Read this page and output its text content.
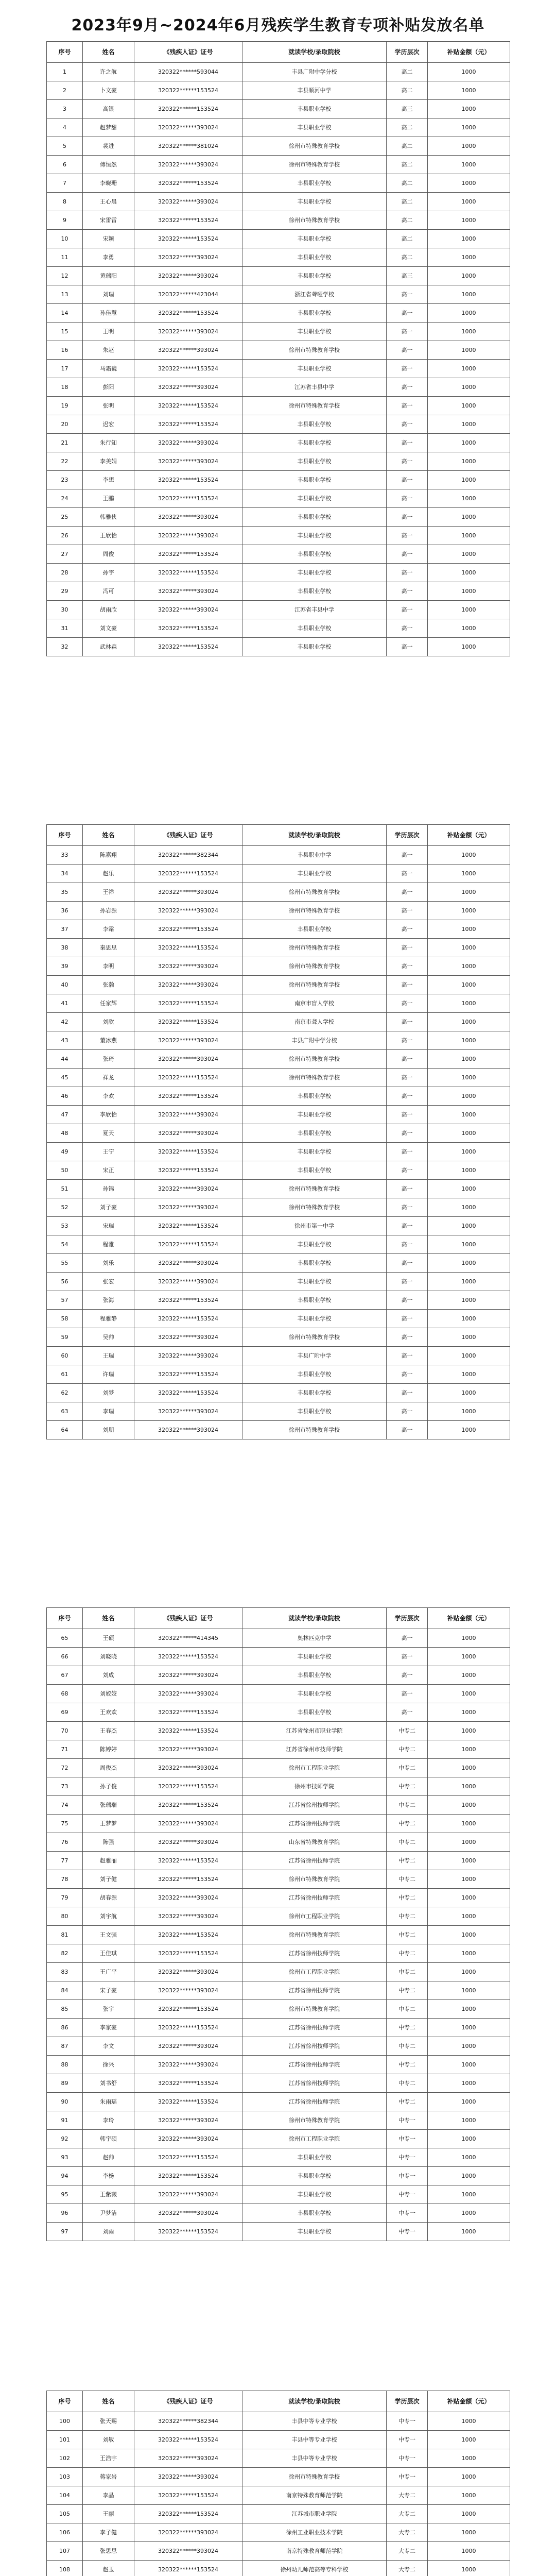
2023年9月~2024年6月残疾学生教育专项补贴发放名单
序号	姓名	《残疾人证》证号	就读学校/录取院校	学历层次	补贴金额（元）
1	许之航	320322******593044	丰县广附中学分校	高二	1000
2	卜文豪	320322******153524	丰县顺河中学	高二	1000
3	高银	320322******153524	丰县职业学校	高三	1000
4	赵梦甜	320322******393024	丰县职业学校	高二	1000
5	裴进	320322******381024	徐州市特殊教育学校	高二	1000
6	傅恒然	320322******393024	徐州市特殊教育学校	高二	1000
7	李晓珊	320322******153524	丰县职业学校	高二	1000
8	王心晨	320322******393024	丰县职业学校	高二	1000
9	宋雷雷	320322******153524	徐州市特殊教育学校	高二	1000
10	宋颖	320322******153524	丰县职业学校	高二	1000
11	李勇	320322******393024	丰县职业学校	高二	1000
12	黄瑞阳	320322******393024	丰县职业学校	高三	1000
13	刘瑞	320322******423044	浙江省聋哑学校	高一	1000
14	孙佳慧	320322******153524	丰县职业学校	高一	1000
15	王明	320322******393024	丰县职业学校	高一	1000
16	朱赵	320322******393024	徐州市特殊教育学校	高一	1000
17	马霜巍	320322******153524	丰县职业学校	高一	1000
18	彭阳	320322******393024	江苏省丰县中学	高一	1000
19	张明	320322******153524	徐州市特殊教育学校	高一	1000
20	迟宏	320322******153524	丰县职业学校	高一	1000
21	朱行知	320322******393024	丰县职业学校	高一	1000
22	李美娟	320322******393024	丰县职业学校	高一	1000
23	李想	320322******153524	丰县职业学校	高一	1000
24	王鹏	320322******153524	丰县职业学校	高一	1000
25	韩雅侠	320322******393024	丰县职业学校	高一	1000
26	王欣怡	320322******393024	丰县职业学校	高一	1000
27	周俊	320322******153524	丰县职业学校	高一	1000
28	孙宇	320322******153524	丰县职业学校	高一	1000
29	冯可	320322******393024	丰县职业学校	高一	1000
30	胡雨欣	320322******393024	江苏省丰县中学	高一	1000
31	刘文豪	320322******153524	丰县职业学校	高一	1000
32	武林森	320322******153524	丰县职业学校	高一	1000
序号	姓名	《残疾人证》证号	就读学校/录取院校	学历层次	补贴金额（元）
33	陈嘉翔	320322******382344	丰县职业中学	高一	1000
34	赵乐	320322******153524	丰县职业学校	高一	1000
35	王祥	320322******393024	徐州市特殊教育学校	高一	1000
36	孙岩源	320322******393024	徐州市特殊教育学校	高一	1000
37	李霜	320322******153524	丰县职业学校	高一	1000
38	秦思思	320322******153524	徐州市特殊教育学校	高一	1000
39	李明	320322******393024	徐州市特殊教育学校	高一	1000
40	张瀚	320322******393024	徐州市特殊教育学校	高一	1000
41	任家辉	320322******153524	南京市盲人学校	高一	1000
42	刘欣	320322******153524	南京市聋人学校	高一	1000
43	董冰燕	320322******393024	丰县广附中学分校	高一	1000
44	张琦	320322******393024	徐州市特殊教育学校	高一	1000
45	祥龙	320322******153524	徐州市特殊教育学校	高一	1000
46	李欢	320322******153524	丰县职业学校	高一	1000
47	李欣怡	320322******393024	丰县职业学校	高一	1000
48	夏天	320322******393024	丰县职业学校	高一	1000
49	王宁	320322******153524	丰县职业学校	高一	1000
50	宋正	320322******153524	丰县职业学校	高一	1000
51	孙锦	320322******393024	徐州市特殊教育学校	高一	1000
52	刘子豪	320322******393024	徐州市特殊教育学校	高一	1000
53	宋瑞	320322******153524	徐州市第一中学	高一	1000
54	程雅	320322******153524	丰县职业学校	高一	1000
55	刘乐	320322******393024	丰县职业学校	高一	1000
56	张宏	320322******393024	丰县职业学校	高一	1000
57	张海	320322******153524	丰县职业学校	高一	1000
58	程雅静	320322******153524	丰县职业学校	高一	1000
59	吴帅	320322******393024	徐州市特殊教育学校	高一	1000
60	王瑞	320322******393024	丰县广附中学	高一	1000
61	许瑞	320322******153524	丰县职业学校	高一	1000
62	刘梦	320322******153524	丰县职业学校	高一	1000
63	李瑞	320322******393024	丰县职业学校	高一	1000
64	刘朋	320322******393024	徐州市特殊教育学校	高一	1000
序号	姓名	《残疾人证》证号	就读学校/录取院校	学历层次	补贴金额（元）
65	王硕	320322******414345	奥林匹克中学	高一	1000
66	刘晓晓	320322******153524	丰县职业学校	高一	1000
67	刘成	320322******393024	丰县职业学校	高一	1000
68	刘姣姣	320322******393024	丰县职业学校	高一	1000
69	王欢欢	320322******153524	丰县职业学校	高一	1000
70	王春杰	320322******153524	江苏省徐州市职业学院	中专二	1000
71	陈婷婷	320322******393024	江苏省徐州市技师学院	中专二	1000
72	周俊杰	320322******393024	徐州市工程职业学院	中专二	1000
73	孙子俊	320322******153524	徐州市技师学院	中专二	1000
74	张瑞瑞	320322******153524	江苏省徐州技师学院	中专二	1000
75	王梦梦	320322******393024	江苏省徐州技师学院	中专二	1000
76	陈强	320322******393024	山东省特殊教育学院	中专二	1000
77	赵雅丽	320322******153524	江苏省徐州技师学院	中专二	1000
78	刘子健	320322******153524	徐州市特殊教育学院	中专二	1000
79	胡春源	320322******393024	江苏省徐州技师学院	中专二	1000
80	刘宇航	320322******393024	徐州市工程职业学院	中专二	1000
81	王文强	320322******153524	徐州市特殊教育学院	中专二	1000
82	王佳琪	320322******153524	江苏省徐州技师学院	中专二	1000
83	王广平	320322******393024	徐州市工程职业学院	中专二	1000
84	宋子豪	320322******393024	江苏省徐州技师学院	中专二	1000
85	张宇	320322******153524	徐州市特殊教育学院	中专二	1000
86	李家豪	320322******153524	江苏省徐州技师学院	中专二	1000
87	李文	320322******393024	江苏省徐州技师学院	中专二	1000
88	徐兴	320322******393024	江苏省徐州技师学院	中专二	1000
89	刘书舒	320322******153524	江苏省徐州技师学院	中专二	1000
90	朱雨瑶	320322******153524	江苏省徐州技师学院	中专二	1000
91	李玲	320322******393024	徐州市特殊教育学院	中专一	1000
92	韩宇硕	320322******393024	徐州市工程职业学院	中专一	1000
93	赵帅	320322******153524	丰县职业学校	中专一	1000
94	李杨	320322******153524	丰县职业学校	中专一	1000
95	王紫薇	320322******393024	丰县职业学校	中专一	1000
96	尹梦洁	320322******393024	丰县职业学校	中专一	1000
97	刘雨	320322******153524	丰县职业学校	中专一	1000
序号	姓名	《残疾人证》证号	就读学校/录取院校	学历层次	补贴金额（元）
100	张天赐	320322******382344	丰县中等专业学校	中专一	1000
101	刘敏	320322******153524	丰县中等专业学校	中专一	1000
102	王浩宇	320322******393024	丰县中等专业学校	中专一	1000
103	蒋家岩	320322******393024	徐州市特殊教育学校	中专一	1000
104	李晶	320322******153524	南京特殊教育师范学院	大专二	1000
105	王丽	320322******153524	江苏城市职业学院	大专二	1000
106	李子健	320322******393024	徐州工业职业技术学院	大专二	1000
107	张思思	320322******393024	南京特殊教育师范学院	大专二	1000
108	赵玉	320322******153524	徐州幼儿师范高等专科学校	大专二	1000
